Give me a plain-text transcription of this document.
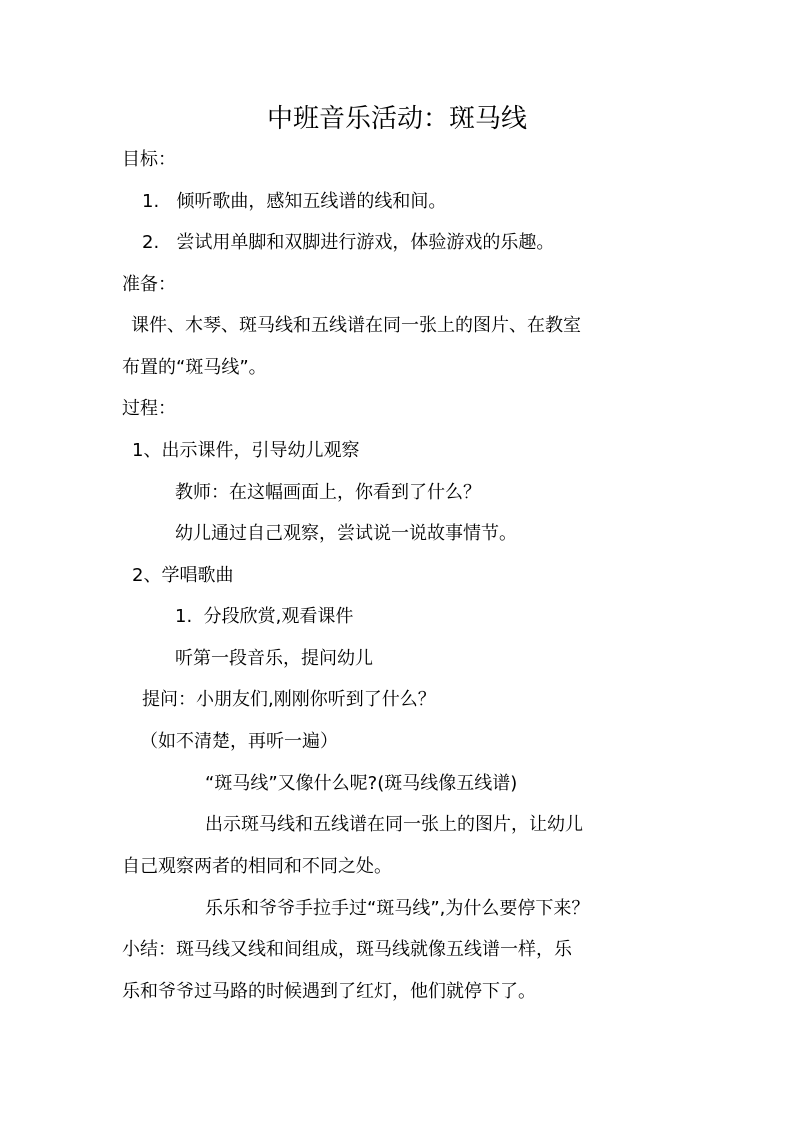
中班音乐活动：斑马线
目标：
1. 倾听歌曲，感知五线谱的线和间。
2. 尝试用单脚和双脚进行游戏，体验游戏的乐趣。
准备：
课件、木琴、斑马线和五线谱在同一张上的图片、在教室
布置的“斑马线”。
过程：
1、出示课件，引导幼儿观察
教师：在这幅画面上，你看到了什么？
幼儿通过自己观察，尝试说一说故事情节。
2、学唱歌曲
1. 分段欣赏,观看课件
听第一段音乐，提问幼儿
提问：小朋友们,刚刚你听到了什么？
（如不清楚，再听一遍）
“斑马线”又像什么呢?(斑马线像五线谱)
出示斑马线和五线谱在同一张上的图片，让幼儿
自己观察两者的相同和不同之处。
乐乐和爷爷手拉手过“斑马线”,为什么要停下来？
小结：斑马线又线和间组成，斑马线就像五线谱一样，乐
乐和爷爷过马路的时候遇到了红灯，他们就停下了。
